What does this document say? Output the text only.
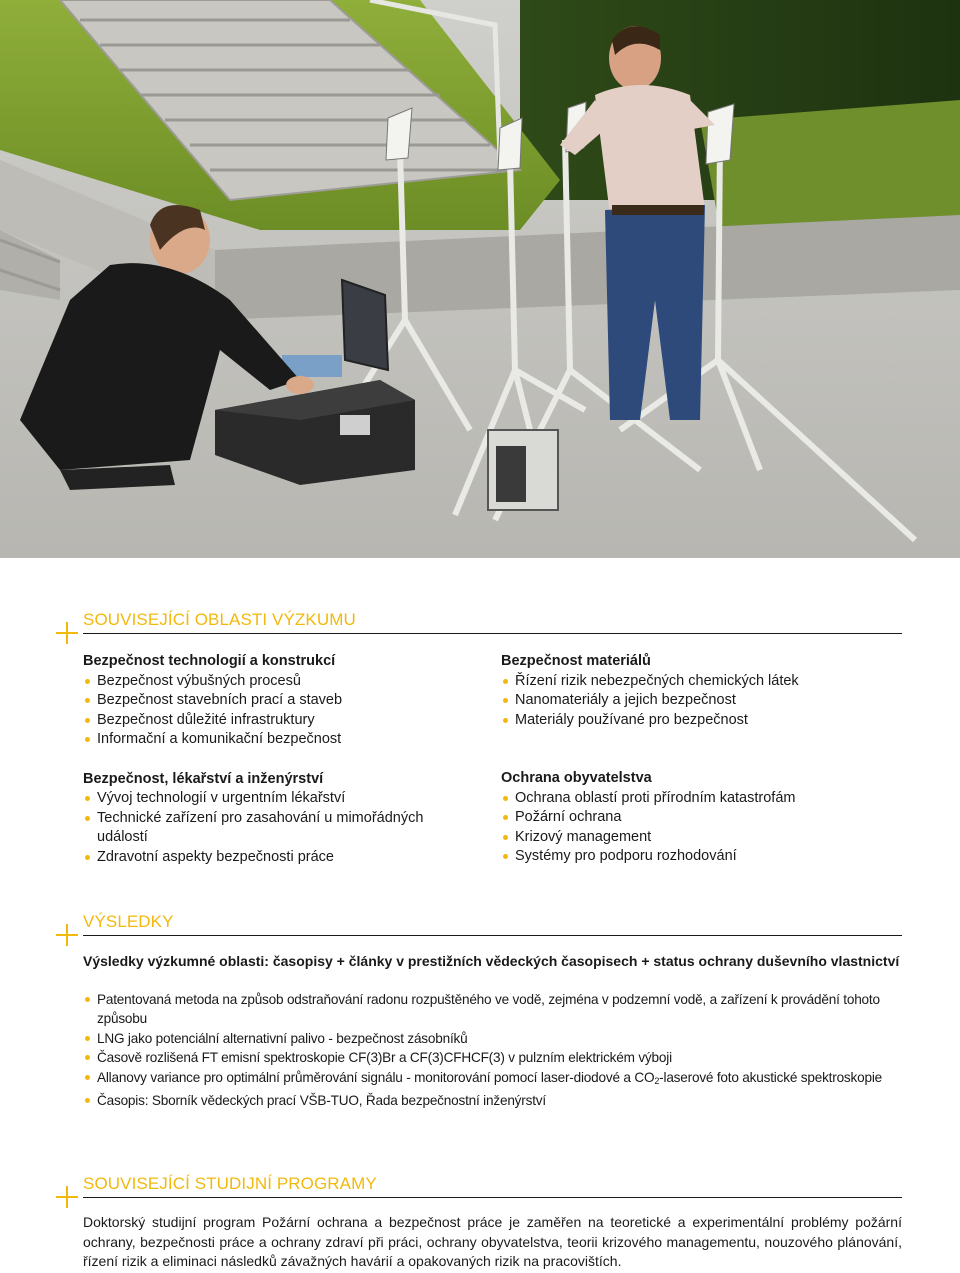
SOUVISEJÍCÍ OBLASTI VÝZKUMU

Bezpečnost technologií a konstrukcí

Bezpečnost výbušných procesů
Bezpečnost stavebních prací a staveb
Bezpečnost důležité infrastruktury
Informační a komunikační bezpečnost

Bezpečnost, lékařství a inženýrství

Vývoj technologií v urgentním lékařství
Technické zařízení pro zasahování u mimořádných událostí
Zdravotní aspekty bezpečnosti práce

Bezpečnost materiálů

Řízení rizik nebezpečných chemických látek
Nanomateriály a jejich bezpečnost
Materiály používané pro bezpečnost

Ochrana obyvatelstva

Ochrana oblastí proti přírodním katastrofám
Požární ochrana
Krizový management
Systémy pro podporu rozhodování
VÝSLEDKY
Výsledky výzkumné oblasti: časopisy + články v prestižních vědeckých časopisech + status ochrany duševního vlastnictví
Patentovaná metoda na způsob odstraňování radonu rozpuštěného ve vodě, zejména v podzemní vodě, a zařízení k provádění tohoto způsobu
LNG jako potenciální alternativní palivo - bezpečnost zásobníků
Časově rozlišená FT emisní spektroskopie CF(3)Br a CF(3)CFHCF(3) v pulzním elektrickém výboji
Allanovy variance pro optimální průměrování signálu - monitorování pomocí laser-diodové a $CO_2$-laserové foto akustické spektroskopie
Časopis: Sborník vědeckých prací VŠB-TUO, Řada bezpečnostní inženýrství
SOUVISEJÍCÍ STUDIJNÍ PROGRAMY
Doktorský studijní program Požární ochrana a bezpečnost práce je zaměřen na teoretické a experimentální problémy požární ochrany, bezpečnosti práce a ochrany zdraví při práci, ochrany obyvatelstva, teorii krizového managementu, nouzového plánování, řízení rizik a eliminaci následků závažných havárií a opakovaných rizik na pracovištích.
